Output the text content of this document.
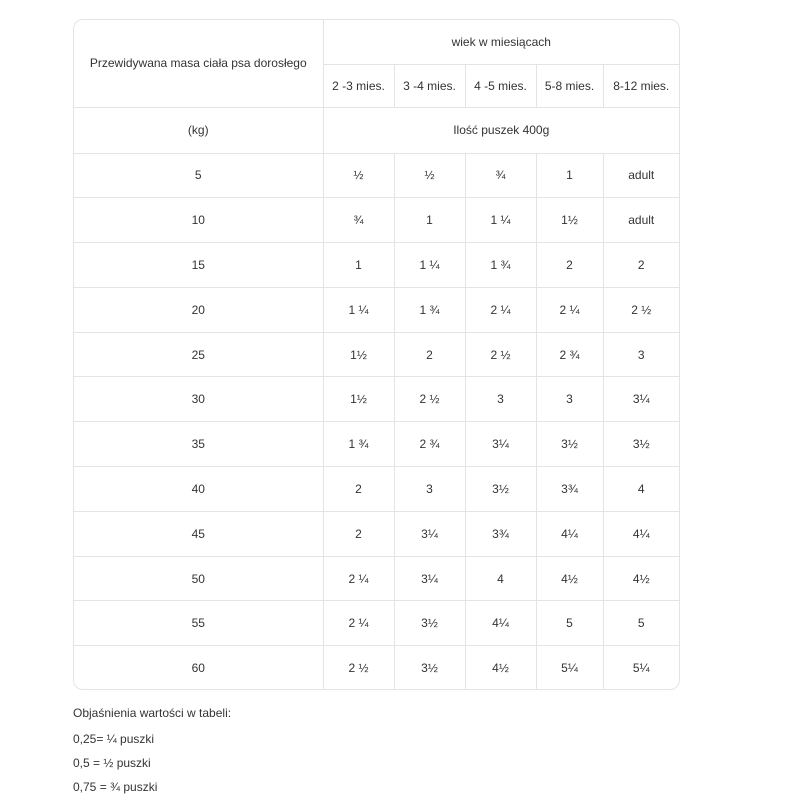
Przewidywana masa ciała psa dorosłego	wiek w miesiącach				
	2 -3 mies.	3 -4 mies.	4 -5 mies.	5-8 mies.	8-12 mies.
(kg)	Ilość puszek 400g				
5	½	½	¾	1	adult
10	¾	1	1 ¼	1½	adult
15	1	1 ¼	1 ¾	2	2
20	1 ¼	1 ¾	2 ¼	2 ¼	2 ½
25	1½	2	2 ½	2 ¾	3
30	1½	2 ½	3	3	3¼
35	1 ¾	2 ¾	3¼	3½	3½
40	2	3	3½	3¾	4
45	2	3¼	3¾	4¼	4¼
50	2 ¼	3¼	4	4½	4½
55	2 ¼	3½	4¼	5	5
60	2 ½	3½	4½	5¼	5¼
Objaśnienia wartości w tabeli:
0,25= ¼ puszki
0,5 = ½ puszki
0,75 = ¾ puszki
